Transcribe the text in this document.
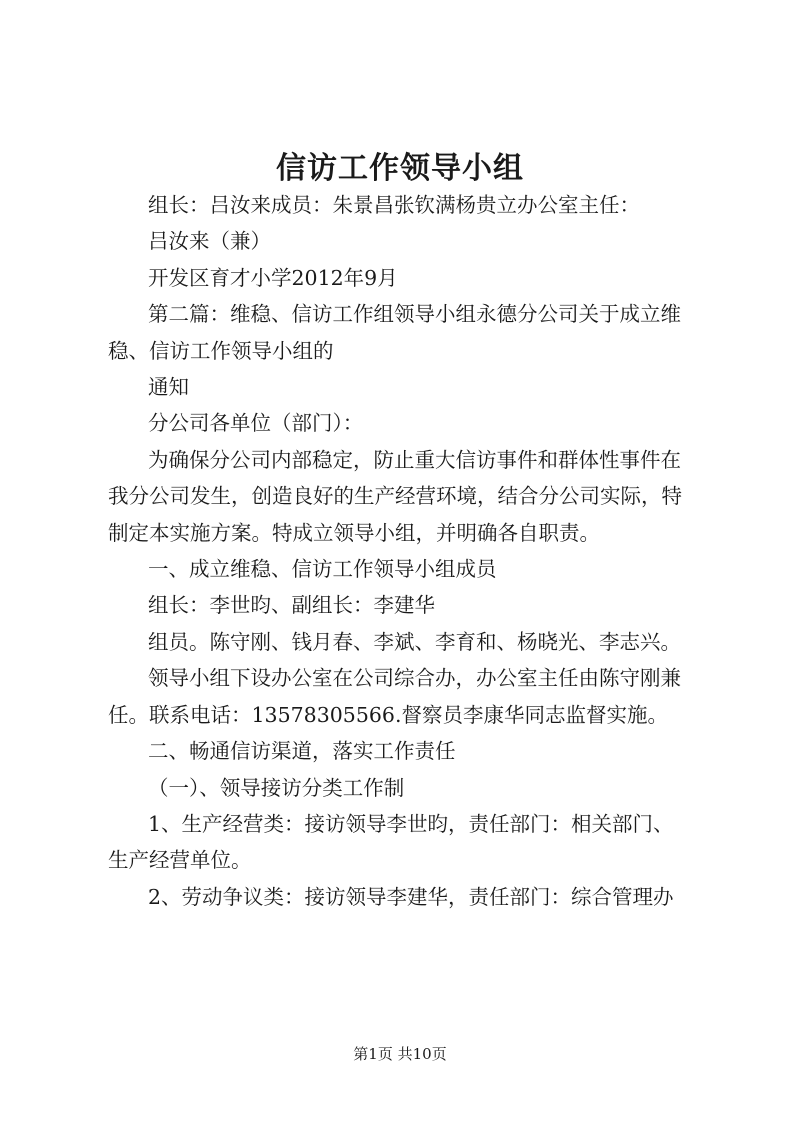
信访工作领导小组

组长：吕汝来成员：朱景昌张钦满杨贵立办公室主任：

吕汝来（兼）

开发区育才小学2012年9月

第二篇：维稳、信访工作组领导小组永德分公司关于成立维

稳、信访工作领导小组的

通知

分公司各单位（部门）：

为确保分公司内部稳定，防止重大信访事件和群体性事件在

我分公司发生，创造良好的生产经营环境，结合分公司实际，特

制定本实施方案。特成立领导小组，并明确各自职责。

一、成立维稳、信访工作领导小组成员

组长：李世昀、副组长：李建华

组员。陈守刚、钱月春、李斌、李育和、杨晓光、李志兴。

领导小组下设办公室在公司综合办，办公室主任由陈守刚兼

任。联系电话：13578305566.督察员李康华同志监督实施。

二、畅通信访渠道，落实工作责任

（一）、领导接访分类工作制

1、生产经营类：接访领导李世昀，责任部门：相关部门、

生产经营单位。

2、劳动争议类：接访领导李建华，责任部门：综合管理办

第1页 共10页
